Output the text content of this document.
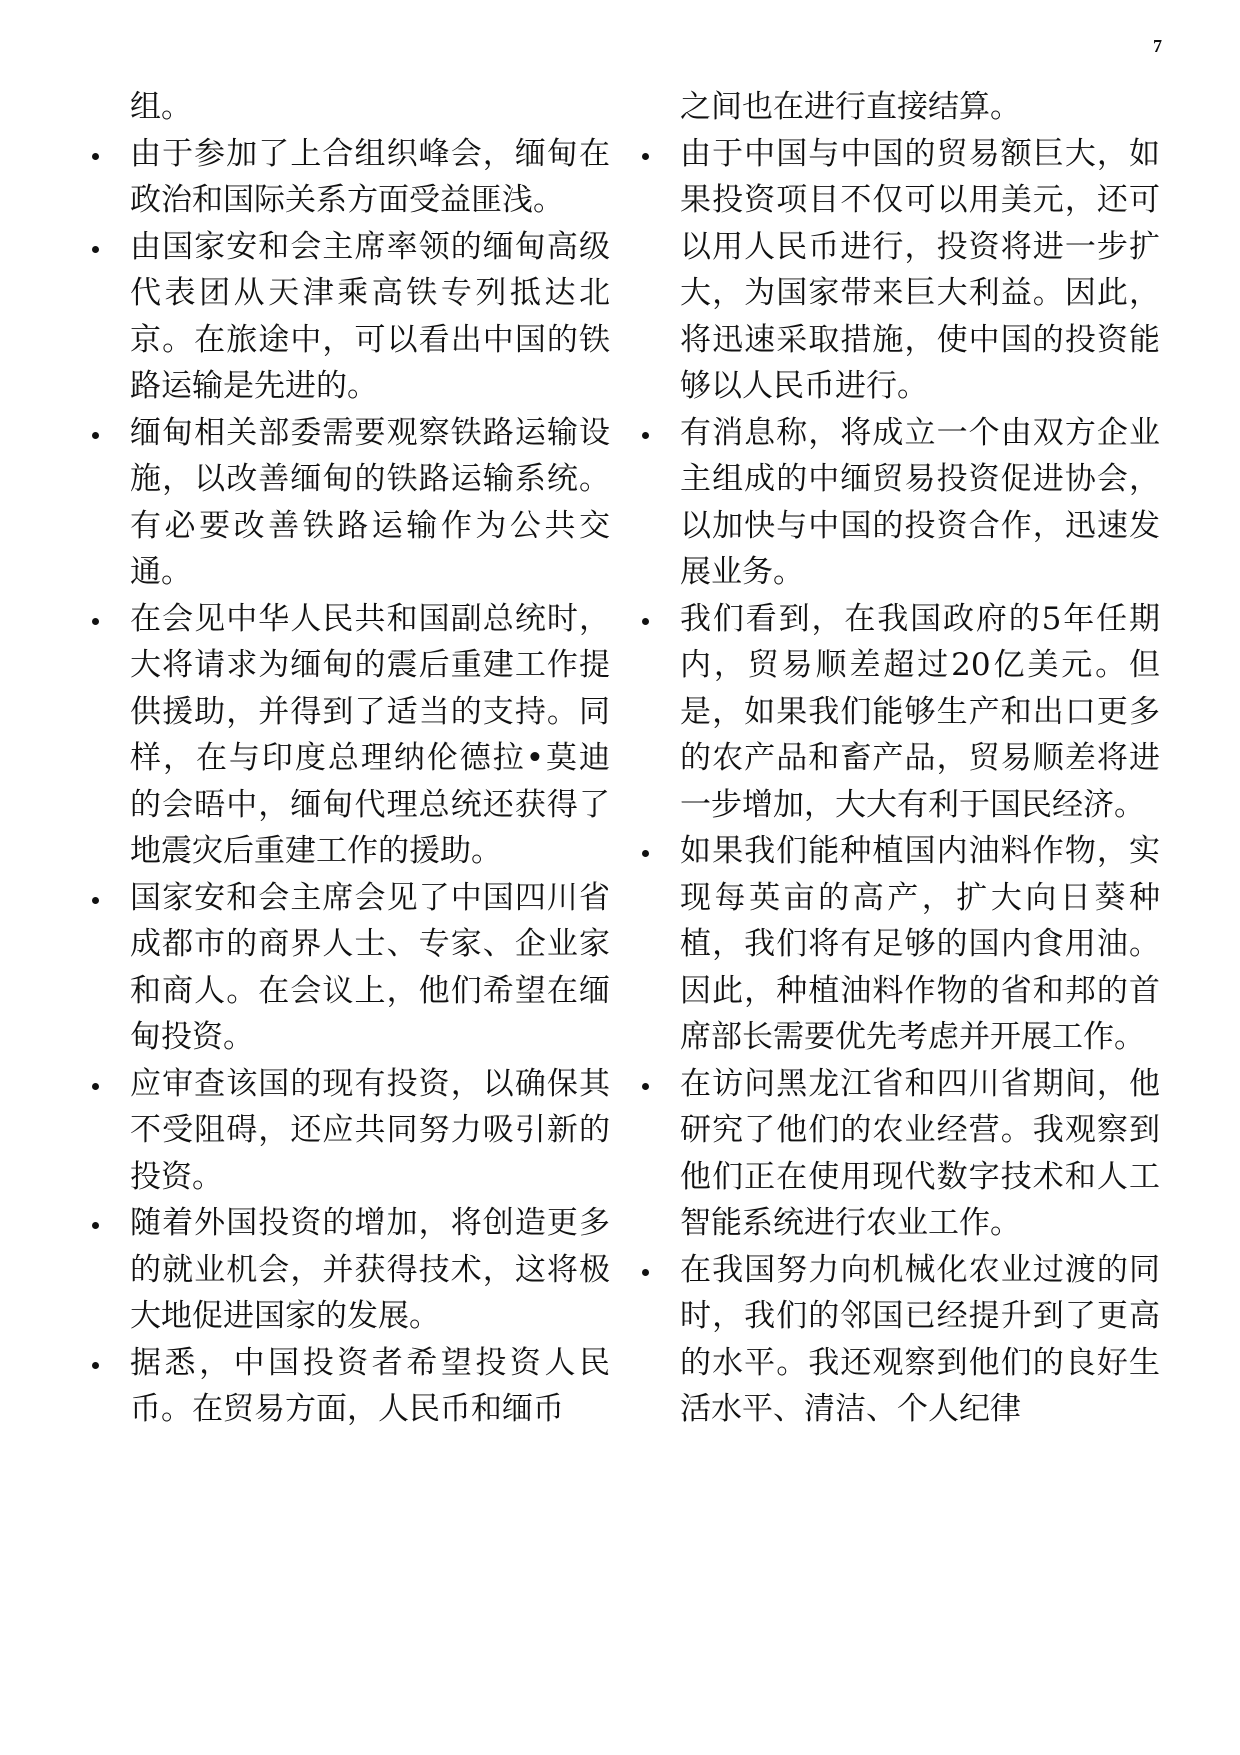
7

组。

由于参加了上合组织峰会，缅甸在政治和国际关系方面受益匪浅。

由国家安和会主席率领的缅甸高级代表团从天津乘高铁专列抵达北京。在旅途中，可以看出中国的铁路运输是先进的。

缅甸相关部委需要观察铁路运输设施，以改善缅甸的铁路运输系统。有必要改善铁路运输作为公共交通。

在会见中华人民共和国副总统时，大将请求为缅甸的震后重建工作提供援助，并得到了适当的支持。同样，在与印度总理纳伦德拉•莫迪的会晤中，缅甸代理总统还获得了地震灾后重建工作的援助。

国家安和会主席会见了中国四川省成都市的商界人士、专家、企业家和商人。在会议上，他们希望在缅甸投资。

应审查该国的现有投资，以确保其不受阻碍，还应共同努力吸引新的投资。

随着外国投资的增加，将创造更多的就业机会，并获得技术，这将极大地促进国家的发展。

据悉，中国投资者希望投资人民币。在贸易方面，人民币和缅币

之间也在进行直接结算。

由于中国与中国的贸易额巨大，如果投资项目不仅可以用美元，还可以用人民币进行，投资将进一步扩大，为国家带来巨大利益。因此，将迅速采取措施，使中国的投资能够以人民币进行。

有消息称，将成立一个由双方企业主组成的中缅贸易投资促进协会，以加快与中国的投资合作，迅速发展业务。

我们看到，在我国政府的5年任期内，贸易顺差超过20亿美元。但是，如果我们能够生产和出口更多的农产品和畜产品，贸易顺差将进一步增加，大大有利于国民经济。

如果我们能种植国内油料作物，实现每英亩的高产，扩大向日葵种植，我们将有足够的国内食用油。因此，种植油料作物的省和邦的首席部长需要优先考虑并开展工作。

在访问黑龙江省和四川省期间，他研究了他们的农业经营。我观察到他们正在使用现代数字技术和人工智能系统进行农业工作。

在我国努力向机械化农业过渡的同时，我们的邻国已经提升到了更高的水平。我还观察到他们的良好生活水平、清洁、个人纪律
